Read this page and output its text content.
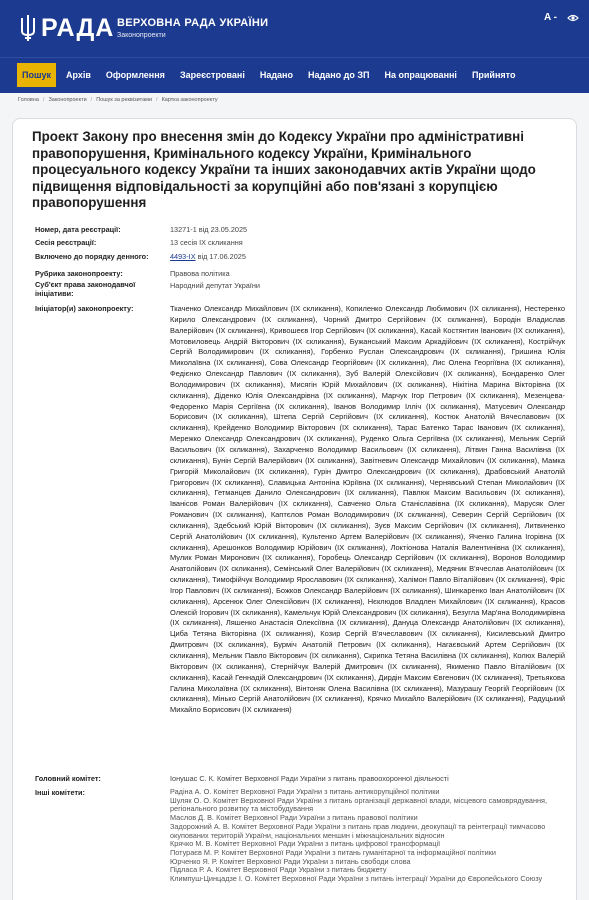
РАДА ВЕРХОВНА РАДА УКРАЇНИ
Законопроекти
A -
Пошук	Архів	Оформлення	Зареєстровані	Надано	Надано до ЗП	На опрацюванні	Прийнято
Головна / Законопроекти / Пошук за реквізитами / Картка законопроекту
Проект Закону про внесення змін до Кодексу України про адміністративні правопорушення, Кримінального кодексу України, Кримінального процесуального кодексу України та інших законодавчих актів України щодо підвищення відповідальності за корупційні або пов'язані з корупцією правопорушення
Номер, дата реєстрації:	13271-1 від 23.05.2025
Сесія реєстрації:	13 сесія IX скликання
Включено до порядку денного:	4493-IX від 17.06.2025
Рубрика законопроекту:	Правова політика
Суб'єкт права законодавчої ініціативи:
Народний депутат України
Ініціатор(и) законопроекту:	Ткаченко Олександр Михайлович (IX скликання), Копиленко Олександр Любимович (IX скликання), Нестеренко Кирило Олександрович (IX скликання), Чорний Дмитро Сергійович (IX скликання), Бородін Владислав Валерійович (IX скликання), Кривошеєв Ігор Сергійович (IX скликання), Касай Костянтин Іванович (IX скликання), Мотовиловець Андрій Вікторович (IX скликання), Бужанський Максим Аркадійович (IX скликання), Кострійчук Сергій Володимирович (IX скликання), Горбенко Руслан Олександрович (IX скликання), Гришина Юлія Миколаївна (IX скликання), Сова Олександр Георгійович (IX скликання), Лис Олена Георгіївна (IX скликання), Федієнко Олександр Павлович (IX скликання), Зуб Валерій Олексійович (IX скликання), Бондаренко Олег Володимирович (IX скликання), Мисягін Юрій Михайлович (IX скликання), Нікітіна Марина Вікторівна (IX скликання), Діденко Юлія Олександрівна (IX скликання), Марчук Ігор Петрович (IX скликання), Мезенцева-Федоренко Марія Сергіївна (IX скликання), Іванов Володимир Ілліч (IX скликання), Матусевич Олександр Борисович (IX скликання), Штепа Сергій Сергійович (IX скликання), Костюк Анатолій Вячеславович (IX скликання), Крейденко Володимир Вікторович (IX скликання), Тарас Батенко Тарас Іванович (IX скликання), Мережко Олександр Олександрович (IX скликання), Руденко Ольга Сергіївна (IX скликання), Мельник Сергій Васильович (IX скликання), Захарченко Володимир Васильович (IX скликання), Літвин Ганна Василівна (IX скликання), Бунін Сергій Валерійович (IX скликання), Завітневич Олександр Михайлович (IX скликання), Мамка Григорій Миколайович (IX скликання), Гурін Дмитро Олександрович (IX скликання), Драбовський Анатолій Григорович (IX скликання), Славицька Антоніна Юріївна (IX скликання), Чернявський Степан Миколайович (IX скликання), Гетманцев Данило Олександрович (IX скликання), Павлюк Максим Васильович (IX скликання), Іванісов Роман Валерійович (IX скликання), Савченко Ольга Станіславівна (IX скликання), Марусяк Олег Романович (IX скликання), Каптєлов Роман Володимирович (IX скликання), Северин Сергій Сергійович (IX скликання), Здебський Юрій Вікторович (IX скликання), Зуєв Максим Сергійович (IX скликання), Литвиненко Сергій Анатолійович (IX скликання), Культенко Артем Валерійович (IX скликання), Яченко Галина Ігорівна (IX скликання), Арешонков Володимир Юрійович (IX скликання), Локтіонова Наталія Валентинівна (IX скликання), Мулик Роман Миронович (IX скликання), Горобець Олександр Сергійович (IX скликання), Воронов Володимир Анатолійович (IX скликання), Семінський Олег Валерійович (IX скликання), Медяник В'ячеслав Анатолійович (IX скликання), Тимофійчук Володимир Ярославович (IX скликання), Халімон Павло Віталійович (IX скликання), Фріс Ігор Павлович (IX скликання), Божков Олександр Валерійович (IX скликання), Шинкаренко Іван Анатолійович (IX скликання), Арсенюк Олег Олексійович (IX скликання), Нєклюдов Владлен Михайлович (IX скликання), Красов Олексій Ігорович (IX скликання), Камельчук Юрій Олександрович (IX скликання), Безугла Мар'яна Володимирівна (IX скликання), Ляшенко Анастасія Олексіївна (IX скликання), Дануца Олександр Анатолійович (IX скликання), Циба Тетяна Вікторівна (IX скликання), Козир Сергій В'ячеславович (IX скликання), Кисилевський Дмитро Дмитрович (IX скликання), Бурміч Анатолій Петрович (IX скликання), Нагаєвський Артем Сергійович (IX скликання), Мельник Павло Вікторович (IX скликання), Скрипка Тетяна Василівна (IX скликання), Колюх Валерій Вікторович (IX скликання), Стернійчук Валерій Дмитрович (IX скликання), Якименко Павло Віталійович (IX скликання), Касай Геннадій Олександрович (IX скликання), Дирдін Максим Євгенович (IX скликання), Третьякова Галина Миколаївна (IX скликання), Вінтоняк Олена Василівна (IX скликання), Мазурашу Георгій Георгійович (IX скликання), Мінько Сергій Анатолійович (IX скликання), Крячко Михайло Валерійович (IX скликання), Радуцький Михайло Борисович (IX скликання)
Головний комітет:	Іонушас С. К. Комітет Верховної Ради України з питань правоохоронної діяльності
Інші комітети:	Радіна А. О. Комітет Верховної Ради України з питань антикорупційної політики
Шуляк О. О. Комітет Верховної Ради України з питань організації державної влади, місцевого самоврядування, регіонального розвитку та містобудування
Маслов Д. В. Комітет Верховної Ради України з питань правової політики
Задорожний А. В. Комітет Верховної Ради України з питань прав людини, деокупації та реінтеграції тимчасово окупованих територій України, національних меншин і міжнаціональних відносин
Крячко М. В. Комітет Верховної Ради України з питань цифрової трансформації
Потураєв М. Р. Комітет Верховної Ради України з питань гуманітарної та інформаційної політики
Юрченко Я. Р. Комітет Верховної Ради України з питань свободи слова
Підласа Р. А. Комітет Верховної Ради України з питань бюджету
Климпуш-Цинцадзе І. О. Комітет Верховної Ради України з питань інтеграції України до Європейського Союзу
